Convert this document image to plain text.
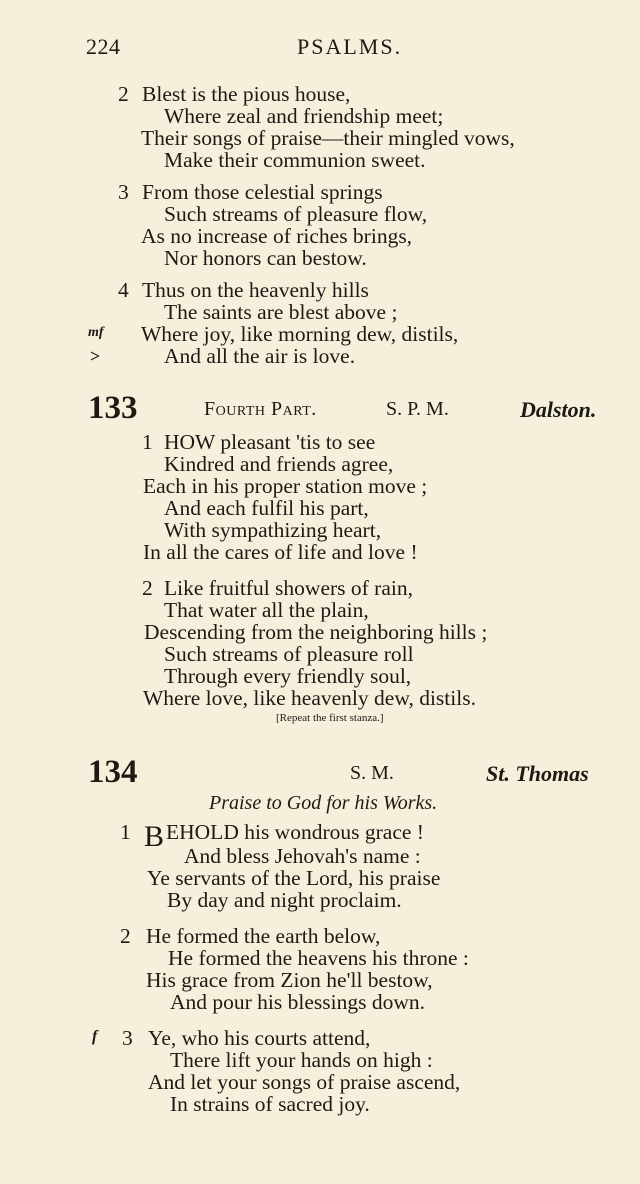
224	PSALMS.
2 Blest is the pious house,
Where zeal and friendship meet;
Their songs of praise—their mingled vows,
Make their communion sweet.
3 From those celestial springs
Such streams of pleasure flow,
As no increase of riches brings,
Nor honors can bestow.
4 Thus on the heavenly hills
The saints are blest above ;
mf Where joy, like morning dew, distils,
>	And all the air is love.
133	Fourth Part.	S. P. M.	Dalston.
1 HOW pleasant 'tis to see
Kindred and friends agree,
Each in his proper station move ;
And each fulfil his part,
With sympathizing heart,
In all the cares of life and love !
2 Like fruitful showers of rain,
That water all the plain,
Descending from the neighboring hills ;
Such streams of pleasure roll
Through every friendly soul,
Where love, like heavenly dew, distils.
[Repeat the first stanza.]
134	S. M.	St. Thomas
Praise to God for his Works.
1 B EHOLD his wondrous grace !
And bless Jehovah's name :
Ye servants of the Lord, his praise
By day and night proclaim.
2 He formed the earth below,
He formed the heavens his throne :
His grace from Zion he'll bestow,
And pour his blessings down.
f 3 Ye, who his courts attend,
There lift your hands on high :
And let your songs of praise ascend,
In strains of sacred joy.
